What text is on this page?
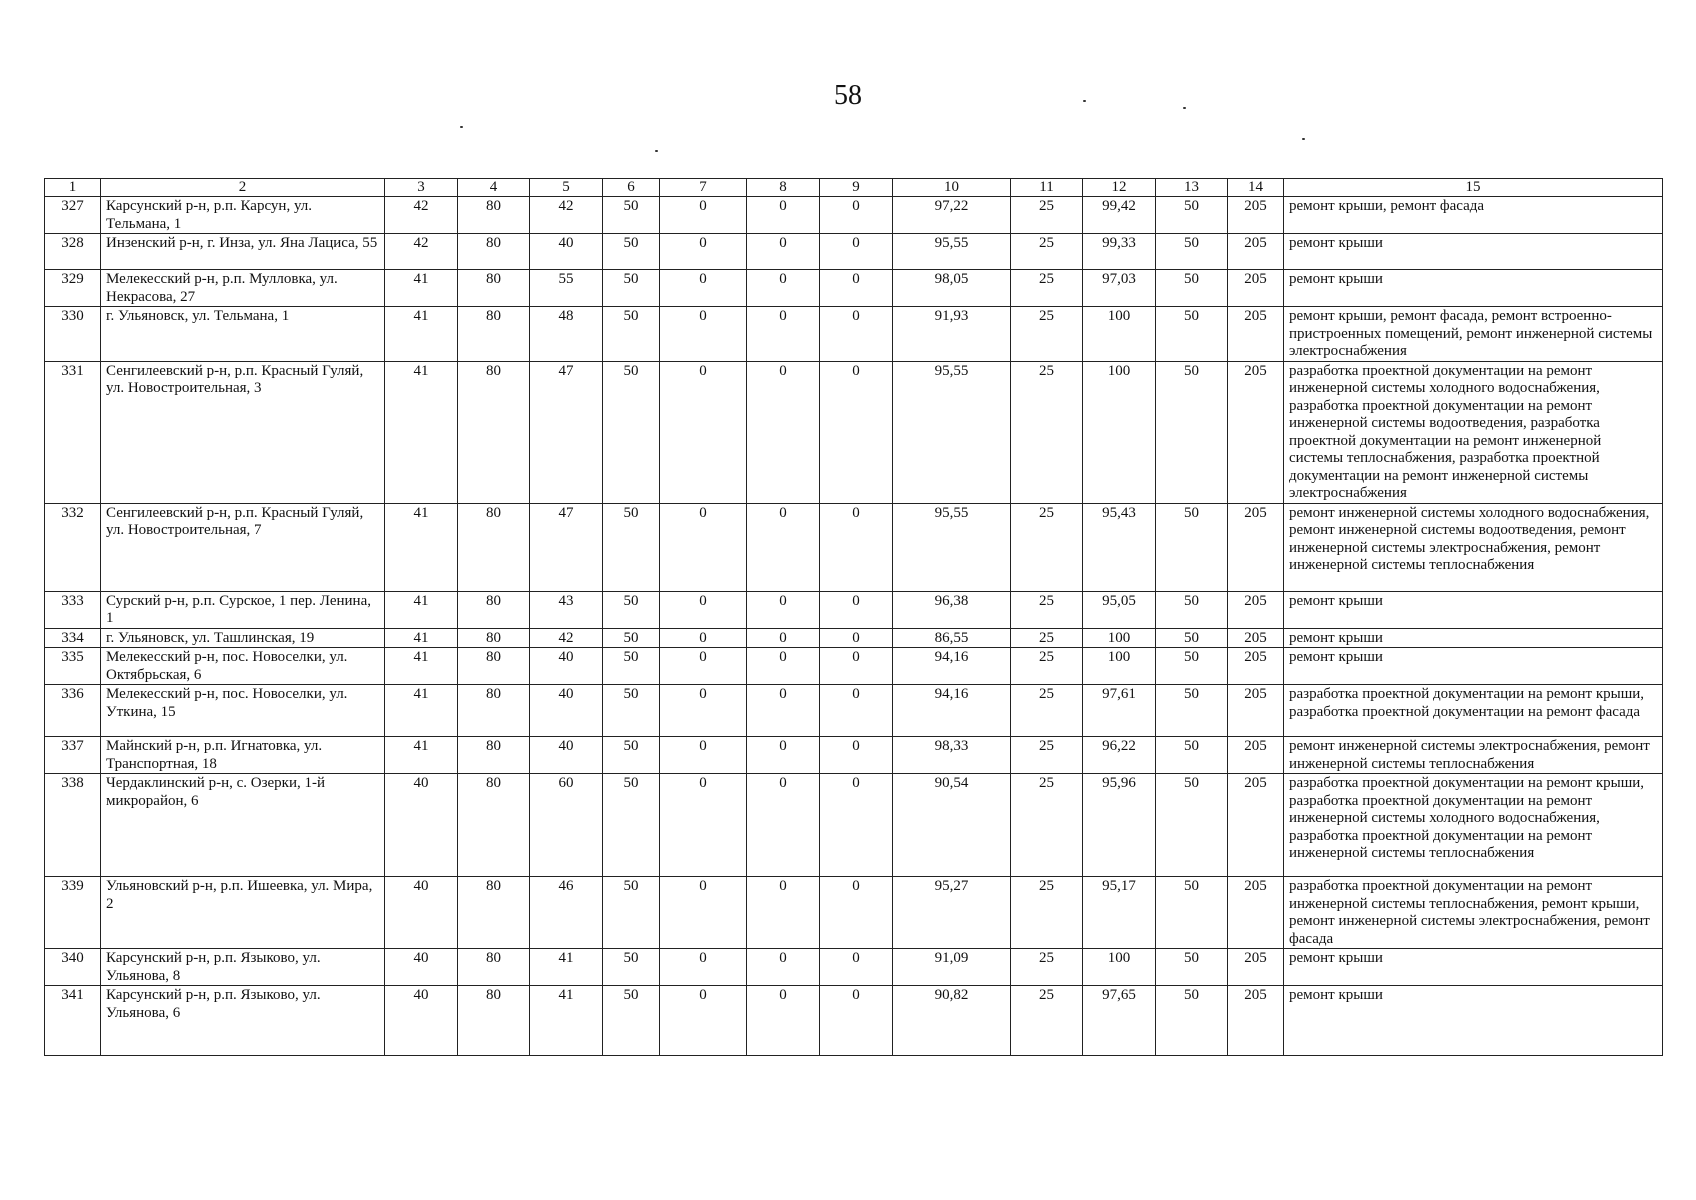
58
1	2	3	4	5	6	7	8	9	10	11	12	13	14	15
327	Карсунский р-н, р.п. Карсун, ул. Тельмана, 1	42	80	42	50	0	0	0	97,22	25	99,42	50	205	ремонт крыши, ремонт фасада
328	Инзенский р-н, г. Инза, ул. Яна Лациса, 55	42	80	40	50	0	0	0	95,55	25	99,33	50	205	ремонт крыши
329	Мелекесский р-н, р.п. Мулловка, ул. Некрасова, 27	41	80	55	50	0	0	0	98,05	25	97,03	50	205	ремонт крыши
330	г. Ульяновск, ул. Тельмана, 1	41	80	48	50	0	0	0	91,93	25	100	50	205	ремонт крыши, ремонт фасада, ремонт встроенно-пристроенных помещений, ремонт инженерной системы электроснабжения
331	Сенгилеевский р-н, р.п. Красный Гуляй, ул. Новостроительная, 3	41	80	47	50	0	0	0	95,55	25	100	50	205	разработка проектной документации на ремонт инженерной системы холодного водоснабжения, разработка проектной документации на ремонт инженерной системы водоотведения, разработка проектной документации на ремонт инженерной системы теплоснабжения, разработка проектной документации на ремонт инженерной системы электроснабжения
332	Сенгилеевский р-н, р.п. Красный Гуляй, ул. Новостроительная, 7	41	80	47	50	0	0	0	95,55	25	95,43	50	205	ремонт инженерной системы холодного водоснабжения, ремонт инженерной системы водоотведения, ремонт инженерной системы электроснабжения, ремонт инженерной системы теплоснабжения
333	Сурский р-н, р.п. Сурское, 1 пер. Ленина, 1	41	80	43	50	0	0	0	96,38	25	95,05	50	205	ремонт крыши
334	г. Ульяновск, ул. Ташлинская, 19	41	80	42	50	0	0	0	86,55	25	100	50	205	ремонт крыши
335	Мелекесский р-н, пос. Новоселки, ул. Октябрьская, 6	41	80	40	50	0	0	0	94,16	25	100	50	205	ремонт крыши
336	Мелекесский р-н, пос. Новоселки, ул. Уткина, 15	41	80	40	50	0	0	0	94,16	25	97,61	50	205	разработка проектной документации на ремонт крыши, разработка проектной документации на ремонт фасада
337	Майнский р-н, р.п. Игнатовка, ул. Транспортная, 18	41	80	40	50	0	0	0	98,33	25	96,22	50	205	ремонт инженерной системы электроснабжения, ремонт инженерной системы теплоснабжения
338	Чердаклинский р-н, с. Озерки, 1-й микрорайон, 6	40	80	60	50	0	0	0	90,54	25	95,96	50	205	разработка проектной документации на ремонт крыши, разработка проектной документации на ремонт инженерной системы холодного водоснабжения, разработка проектной документации на ремонт инженерной системы теплоснабжения
339	Ульяновский р-н, р.п. Ишеевка, ул. Мира, 2	40	80	46	50	0	0	0	95,27	25	95,17	50	205	разработка проектной документации на ремонт инженерной системы теплоснабжения, ремонт крыши, ремонт инженерной системы электроснабжения, ремонт фасада
340	Карсунский р-н, р.п. Языково, ул. Ульянова, 8	40	80	41	50	0	0	0	91,09	25	100	50	205	ремонт крыши
341	Карсунский р-н, р.п. Языково, ул. Ульянова, 6	40	80	41	50	0	0	0	90,82	25	97,65	50	205	ремонт крыши
